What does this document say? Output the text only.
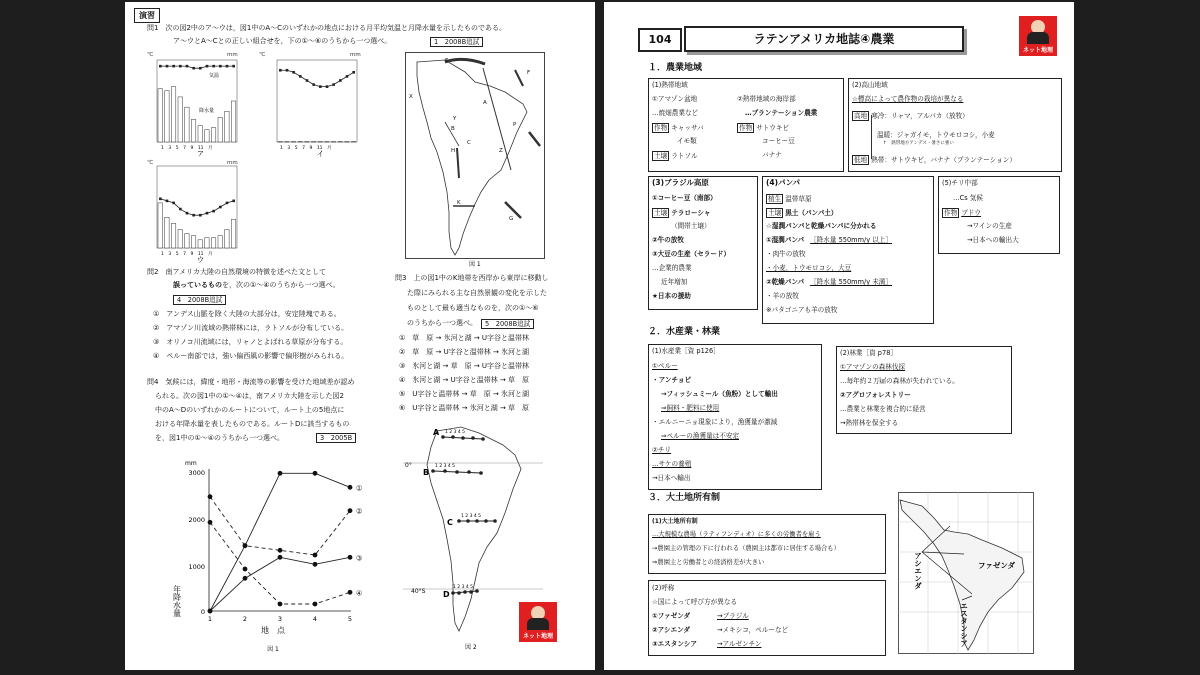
演習
問1　次の図2中のア～ウは，図1中のA～Cのいずれかの地点における月平均気温と月降水量を示したものである。
ア～ウとA～Cとの正しい組合せを，下の①～⑥のうちから一つ選べ。	1　2008B追試
℃	mm	℃	mm
℃	mm
ア	イ
ウ
気温
降水量
1　3　5　7　9　11　月	1　3　5　7　9　11　月
1　3　5　7　9　11　月
E
F
X
A
Y
B
C
Z
H
G
K
P
図 1
問2　南アメリカ大陸の自然環境の特徴を述べた文として
誤っているものを，次の①～④のうちから一つ選べ。
4　2008B追試
①　アンデス山脈を除く大陸の大部分は，安定陸塊である。
②　アマゾン川流域の熱帯林には，ラトソルが分布している。
③　オリノコ川流域には，リャノとよばれる草原が分布する。
④　ペルー南部では，強い偏西風の影響で偏形樹がみられる。
問3　上の図1中のK地帯を西岸から東岸に移動し
た際にみられる主な自然景観の変化を示した
ものとして最も適当なものを，次の①～⑥
のうちから一つ選べ。	5　2008B追試
①　草　原 → 氷河と湖 → U字谷と温帯林
②　草　原 → U字谷と温帯林 → 氷河と湖
③　氷河と湖 → 草　原 → U字谷と温帯林
④　氷河と湖 → U字谷と温帯林 → 草　原
⑤　U字谷と温帯林 → 草　原 → 氷河と湖
⑥　U字谷と温帯林 → 氷河と湖 → 草　原
問4　気候には，緯度・地形・海流等の影響を受けた地域差が認め
られる。次の図1中の①～④は，南アメリカ大陸を示した図2
中のA～Dのいずれかのルートについて，ルート上の5地点に
おける年降水量を表したものである。ルートDに該当するもの
を，図1中の①～④のうちから一つ選べ。	3　2005B
mm
年降水量
3000
2000
1000
0
1	2	3	4	5
地　点
図 1
①
②
③
④
0°
40°S
A
B
C
D
1 2 3 4 5
1 2 3 4 5
1 2 3 4 5
1 2 3 4 5
図 2
ネット地理
104	ラテンアメリカ地誌④農業
ネット地理
１．農業地域
(1)熱帯地域
①アマゾン盆地	②熱帯地域の海岸部
…焼畑農業など	…プランテーション農業
作物 キャッサバ	作物 サトウキビ
イモ類	コーヒー豆
土壌 ラトソル	バナナ
(2)高山地域
☆標高によって農作物の栽培が異なる
高地 寒冷：リャマ，アルパカ（放牧）
温暖：ジャガイモ，トウモロコシ，小麦
↑　熱帯地方アンデス・暑さに強い
低地 熱帯：サトウキビ，バナナ（プランテーション）
(3)ブラジル高原
①コーヒー豆（南部）
土壌 テラローシャ
（間帯土壌）
②牛の放牧
③大豆の生産（セラード）
…企業的農業
近年増加
★日本の援助
(4)パンパ
植生 温帯草原
土壌 黒土（パンパ土）
☆湿潤パンパと乾燥パンパに分かれる
①湿潤パンパ ［降水量 550mm/y 以上］
・肉牛の放牧
・小麦，トウモロコシ，大豆
②乾燥パンパ ［降水量 550mm/y 未満］
・羊の放牧
※パタゴニアも羊の放牧
(5)チリ中部
…Cs 気候
作物 ブドウ
→ワインの生産
→日本への輸出大
２．水産業・林業
(1)水産業［資 p126］
①ペルー
・アンチョビ
→フィッシュミール（魚粉）として輸出
⇒飼料・肥料に使用
・エルニーニョ現象により，漁獲量が激減
⇒ペルーの漁獲量は不安定
②チリ
…サケの養殖
→日本へ輸出
(2)林業［資 p78］
①アマゾンの森林伐採
…毎年約２万㎢の森林が失われている。
②アグロフォレストリー
…農業と林業を複合的に経営
→熱帯林を保全する
３．大土地所有制
(1)大土地所有制
…大規模な農場（ラティフンディオ）に多くの労働者を雇う
→農園主の管理の下に行われる（農園主は都市に居住する場合も）
⇒農園主と労働者との経済格差が大きい
(2)呼称
☆国によって呼び方が異なる
①ファゼンダ	→ブラジル
②アシエンダ	→メキシコ，ペルーなど
③エスタンシア	→アルゼンチン
アシエンダ	ファゼンダ
エスタンシア
